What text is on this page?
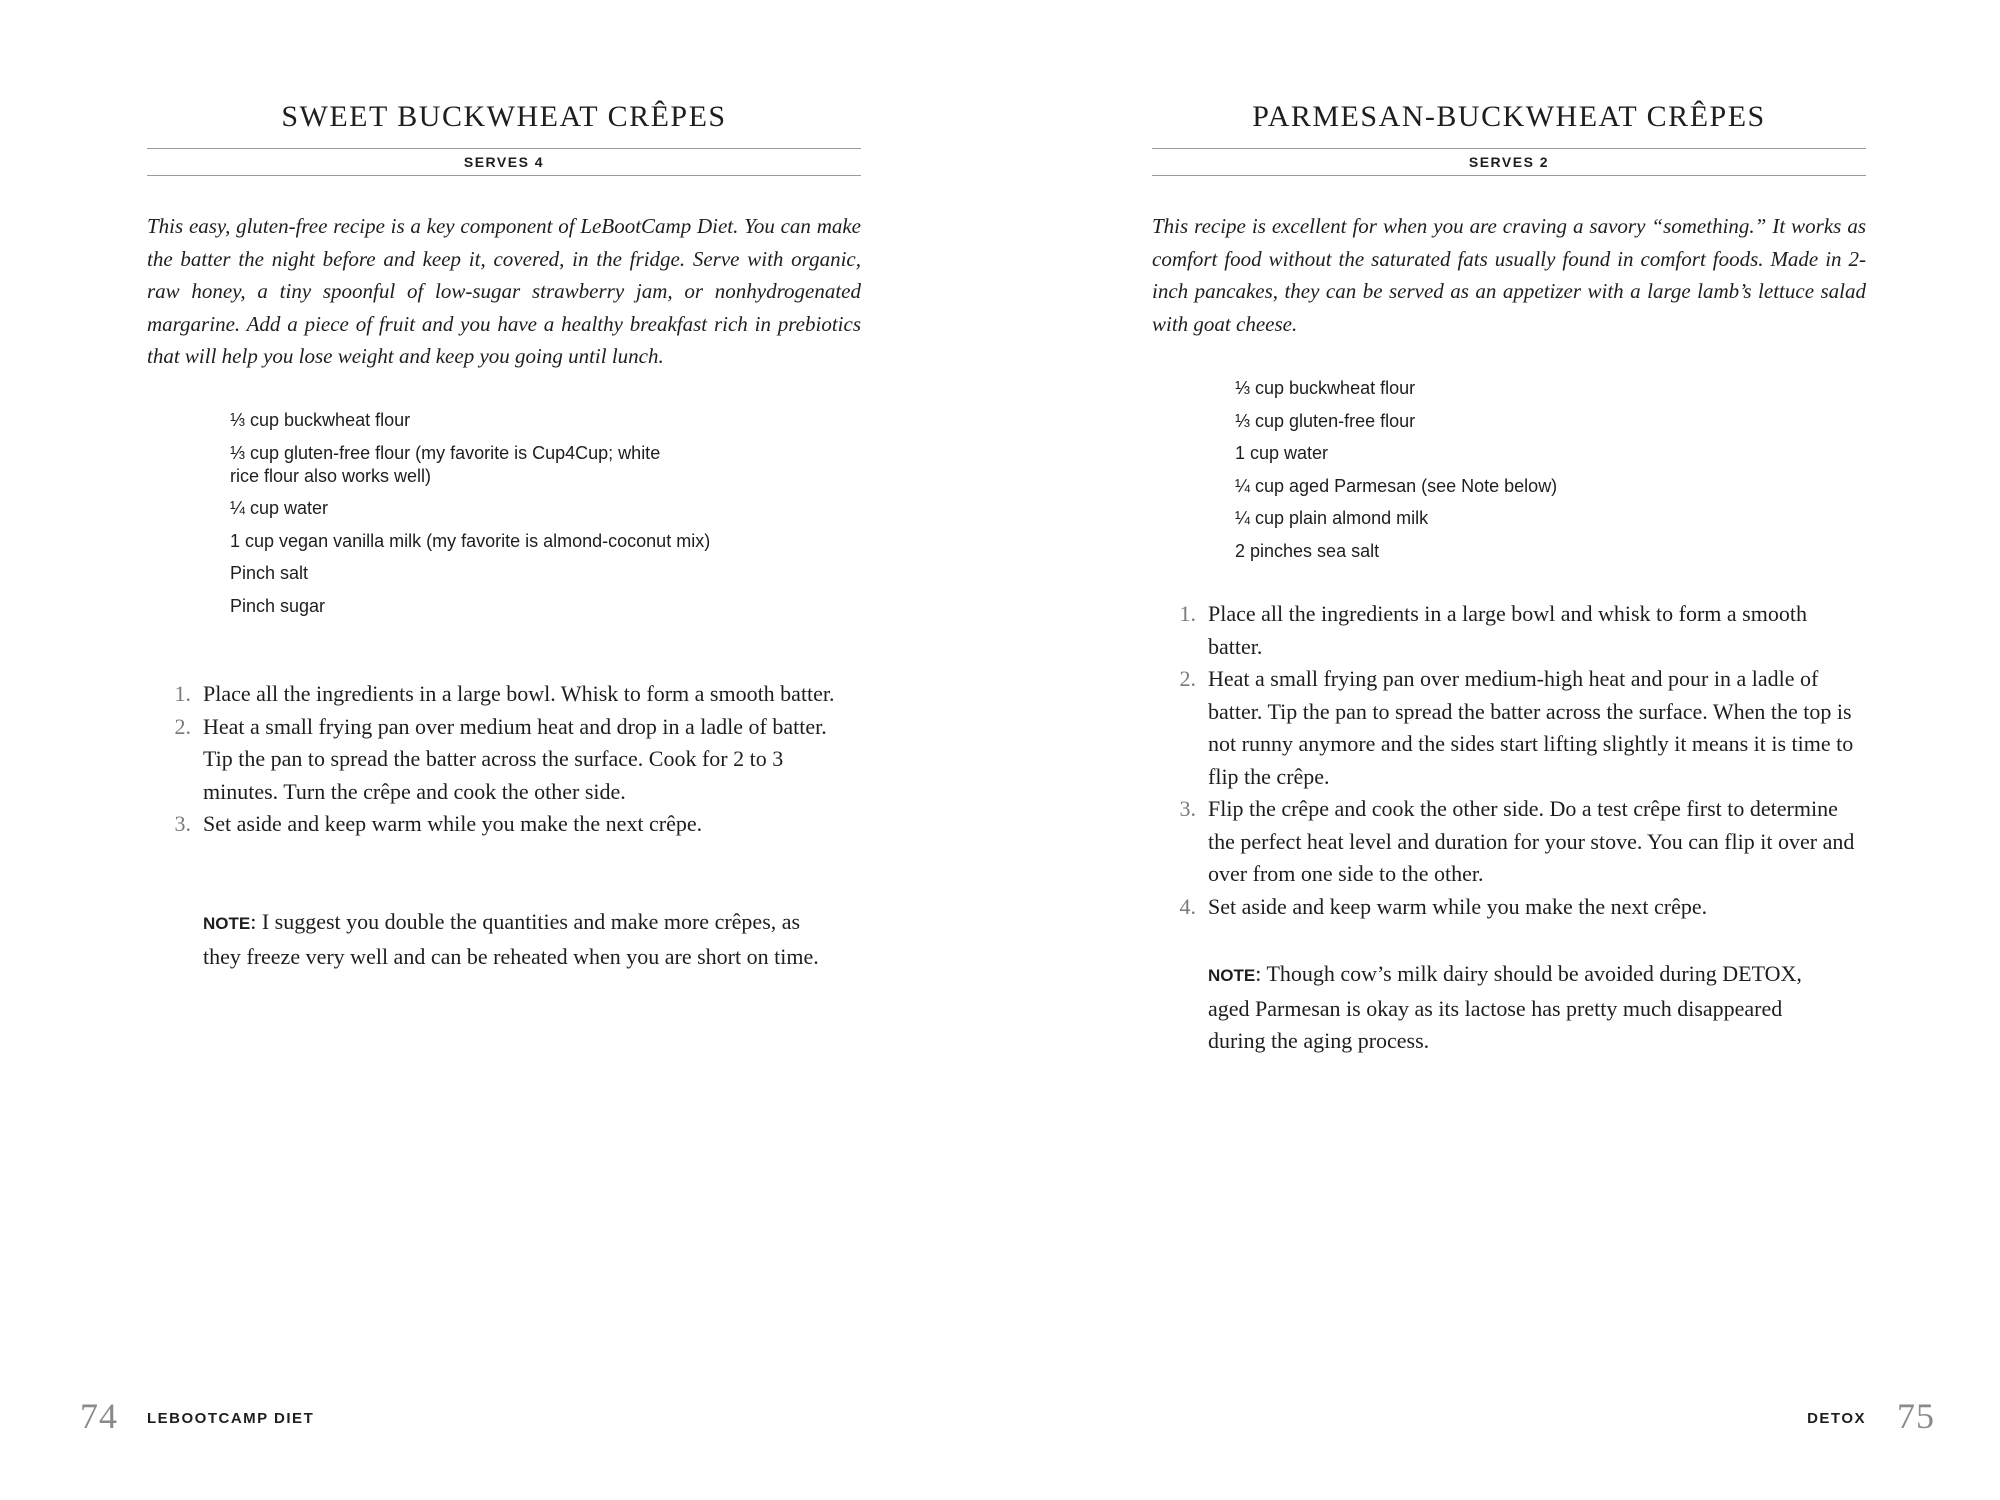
SWEET BUCKWHEAT CRÊPES
SERVES 4

This easy, gluten-free recipe is a key component of LeBootCamp Diet. You can make the batter the night before and keep it, covered, in the fridge. Serve with organic, raw honey, a tiny spoonful of low-sugar strawberry jam, or nonhydrogenated margarine. Add a piece of fruit and you have a healthy breakfast rich in prebiotics that will help you lose weight and keep you going until lunch.

⅓ cup buckwheat flour
⅓ cup gluten-free flour (my favorite is Cup4Cup; white rice flour also works well)
¼ cup water
1 cup vegan vanilla milk (my favorite is almond-coconut mix)
Pinch salt
Pinch sugar
1. Place all the ingredients in a large bowl. Whisk to form a smooth batter.
2. Heat a small frying pan over medium heat and drop in a ladle of batter. Tip the pan to spread the batter across the surface. Cook for 2 to 3 minutes. Turn the crêpe and cook the other side.
3. Set aside and keep warm while you make the next crêpe.

NOTE: I suggest you double the quantities and make more crêpes, as they freeze very well and can be reheated when you are short on time.

PARMESAN-BUCKWHEAT CRÊPES
SERVES 2

This recipe is excellent for when you are craving a savory “something.” It works as comfort food without the saturated fats usually found in comfort foods. Made in 2-inch pancakes, they can be served as an appetizer with a large lamb’s lettuce salad with goat cheese.

⅓ cup buckwheat flour
⅓ cup gluten-free flour
1 cup water
¼ cup aged Parmesan (see Note below)
¼ cup plain almond milk
2 pinches sea salt
1. Place all the ingredients in a large bowl and whisk to form a smooth batter.
2. Heat a small frying pan over medium-high heat and pour in a ladle of batter. Tip the pan to spread the batter across the surface. When the top is not runny anymore and the sides start lifting slightly it means it is time to flip the crêpe.
3. Flip the crêpe and cook the other side. Do a test crêpe first to determine the perfect heat level and duration for your stove. You can flip it over and over from one side to the other.
4. Set aside and keep warm while you make the next crêpe.

NOTE: Though cow’s milk dairy should be avoided during DETOX, aged Parmesan is okay as its lactose has pretty much disappeared during the aging process.

74 LEBOOTCAMP DIET	DETOX 75
